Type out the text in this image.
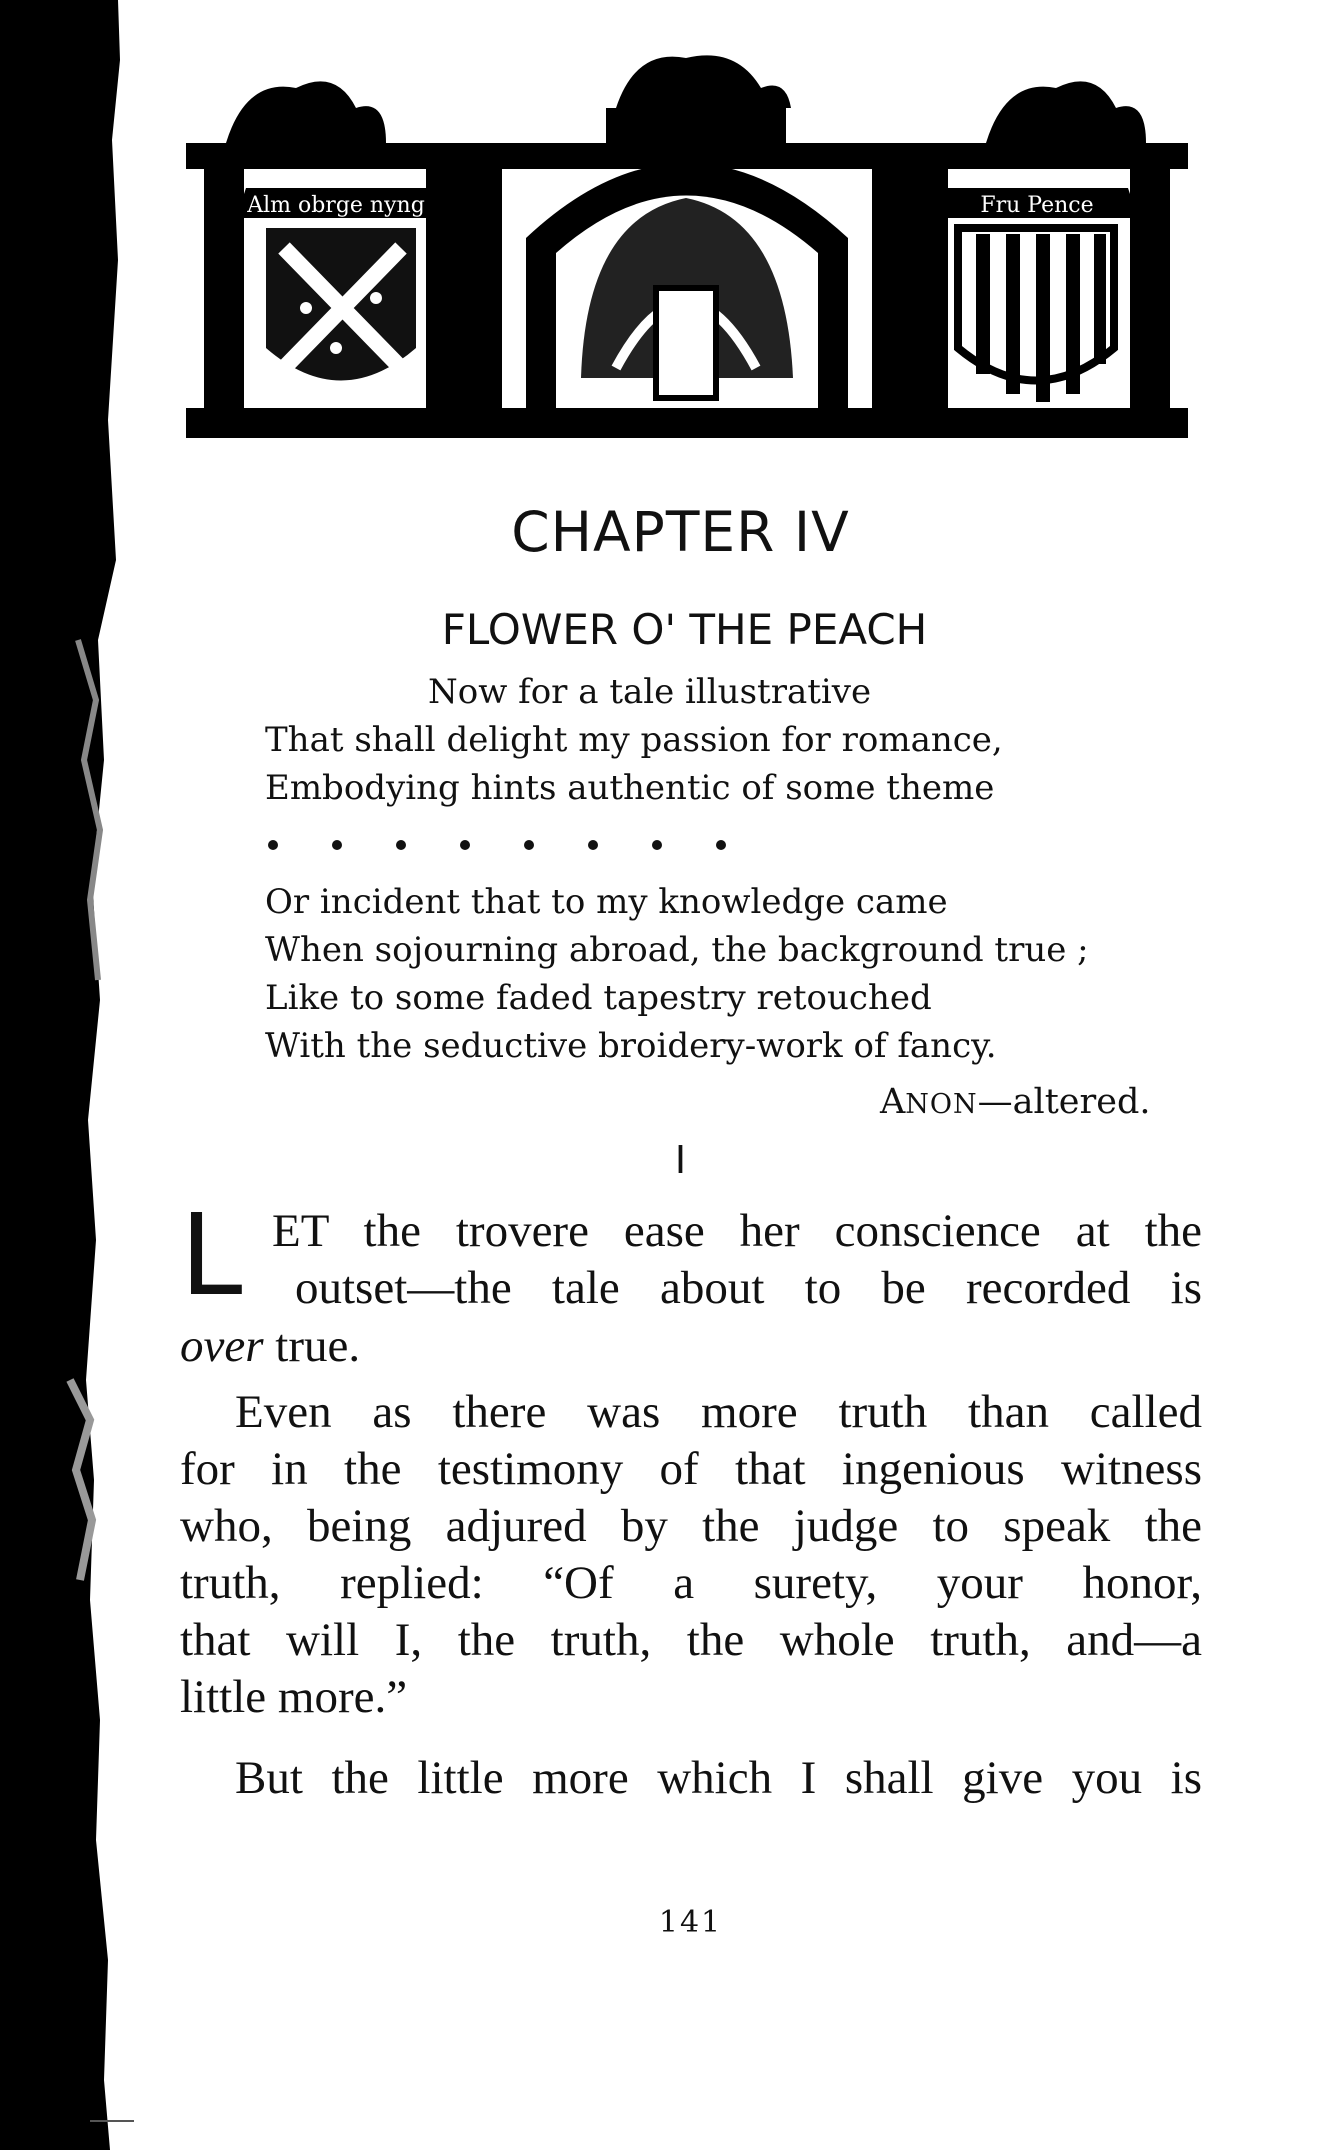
Alm obrge nyng	Fru Pence
CHAPTER IV
FLOWER O' THE PEACH
Now for a tale illustrative
That shall delight my passion for romance,
Embodying hints authentic of some theme
Or incident that to my knowledge came
When sojourning abroad, the background true ;
Like to some faded tapestry retouched
With the seductive broidery-work of fancy.
ANON—altered.
I
L ET the trovere ease her conscience at the
outset—the tale about to be recorded is
over true.
Even as there was more truth than called
for in the testimony of that ingenious witness
who, being adjured by the judge to speak the
truth, replied: “Of a surety, your honor,
that will I, the truth, the whole truth, and—a
little more.”
But the little more which I shall give you is
141
